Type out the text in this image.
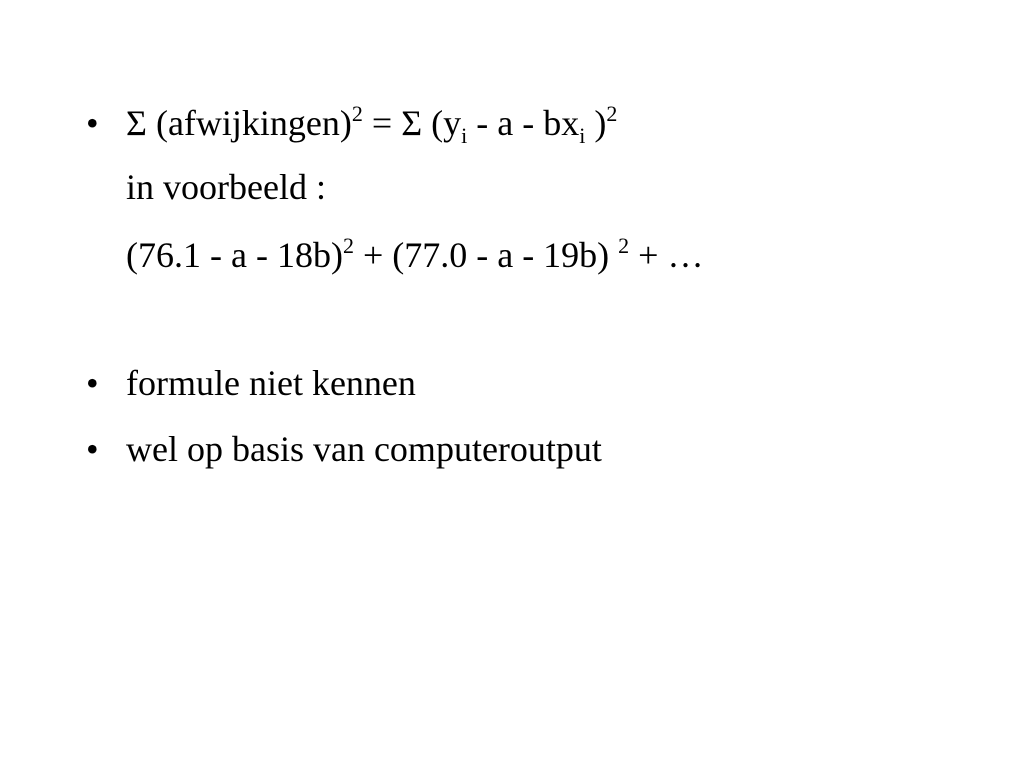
• Σ (afwijkingen)$^2$ = Σ ($y_i$ - a - $bx_i$ )$^2$
in voorbeeld :
(76.1 - a - 18b)$^2$ + (77.0 - a - 19b) $^2$ + …
• formule niet kennen
• wel op basis van computeroutput
